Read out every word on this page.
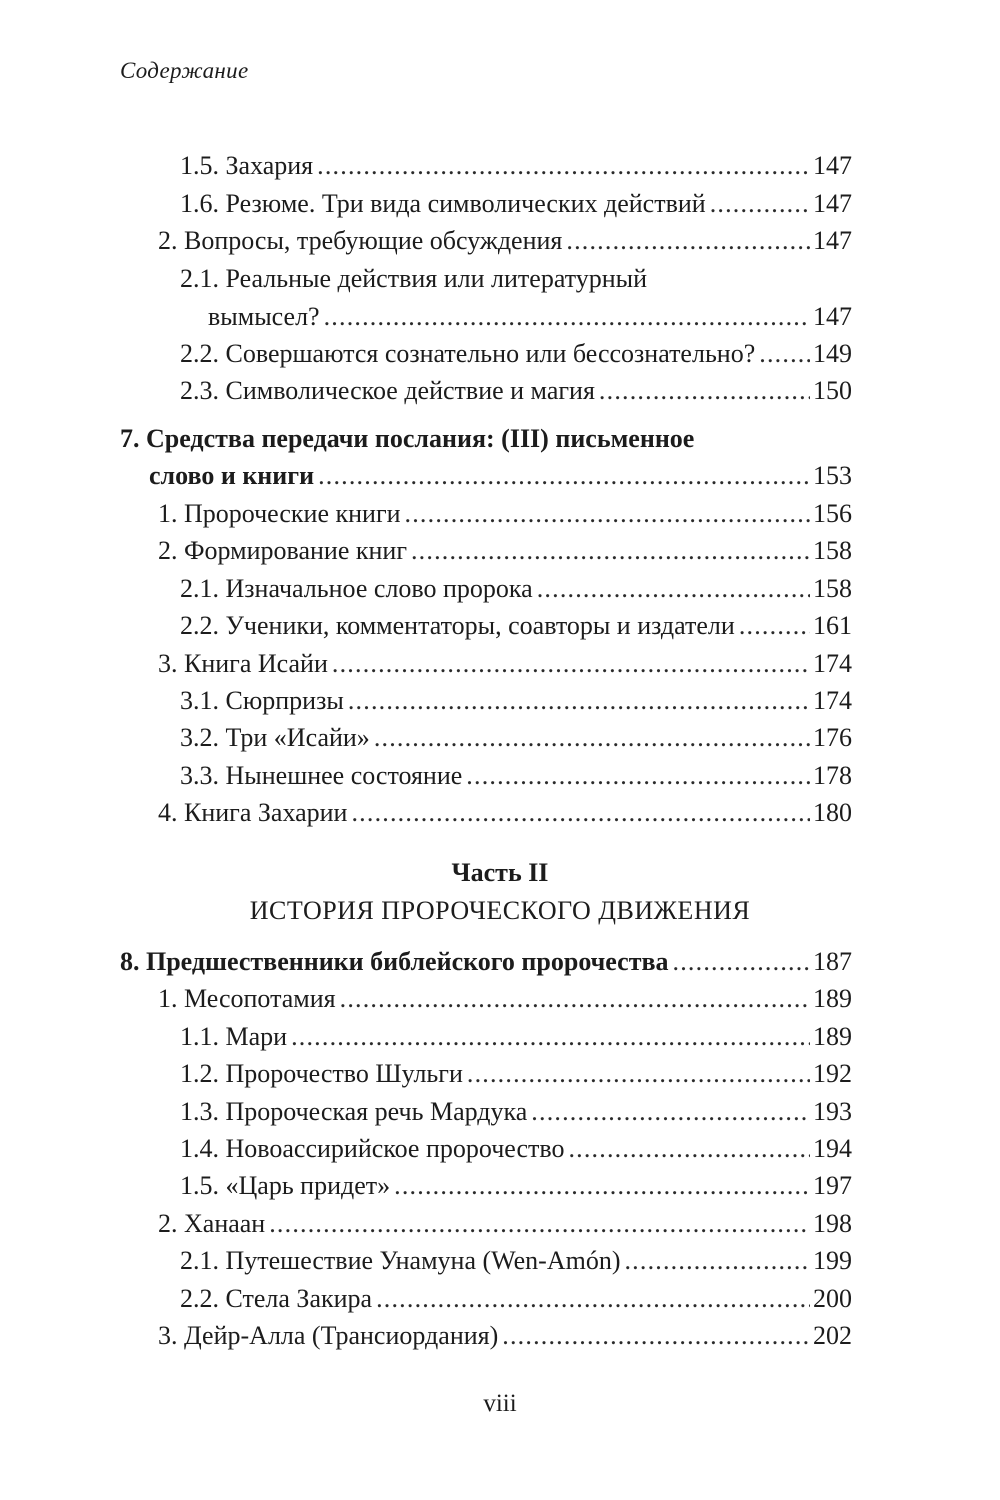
Содержание
1.5. Захария .....	147
1.6. Резюме. Три вида символических действий .....	147
2. Вопросы, требующие обсуждения .....	147
2.1. Реальные действия или литературный
вымысел? .....	147
2.2. Совершаются сознательно или бессознательно? ..... 149
2.3. Символическое действие и магия .....	150
7. Средства передачи послания: (III) письменное
слово и книги .....	153
1. Пророческие книги .....	156
2. Формирование книг .....	158
2.1. Изначальное слово пророка .....	158
2.2. Ученики, комментаторы, соавторы и издатели .....	161
3. Книга Исайи .....	174
3.1. Сюрпризы .....	174
3.2. Три «Исайи» .....	176
3.3. Нынешнее состояние .....	178
4. Книга Захарии .....	180
8. Предшественники библейского пророчества .....	187
1. Месопотамия .....	189
1.1. Мари .....	189
1.2. Пророчество Шульги .....	192
1.3. Пророческая речь Мардука .....	193
1.4. Новоассирийское пророчество .....	194
1.5. «Царь придет» .....	197
2. Ханаан .....	198
2.1. Путешествие Унамуна (Wen-Amón) .....	199
2.2. Стела Закира .....	200
3. Дейр-Алла (Трансиордания) .....	202
Часть II
ИСТОРИЯ ПРОРОЧЕСКОГО ДВИЖЕНИЯ
viii
